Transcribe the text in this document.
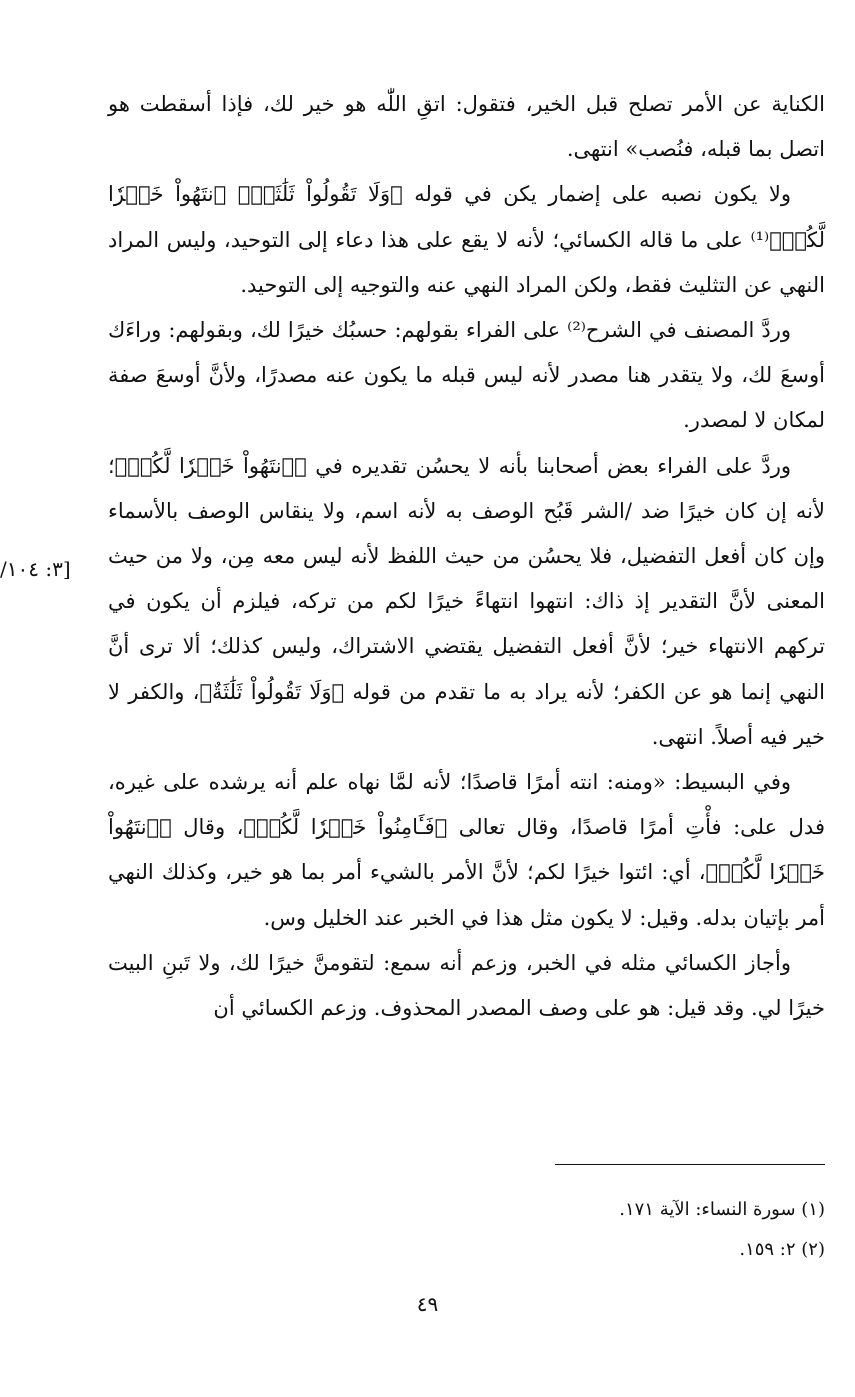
[٣: ١٠٤/

الكناية عن الأمر تصلح قبل الخير، فتقول: اتقِ اللّٰه هو خير لك، فإذا أسقطت هو اتصل بما قبله، فنُصب» انتهى.

ولا يكون نصبه على إضمار يكن في قوله ﴿وَلَا تَقُولُواْ ثَلَٰثَةٌۚ ٱنتَهُواْ خَيۡرٗا لَّكُمۡ﴾⁽¹⁾ على ما قاله الكسائي؛ لأنه لا يقع على هذا دعاء إلى التوحيد، وليس المراد النهي عن التثليث فقط، ولكن المراد النهي عنه والتوجيه إلى التوحيد.

وردَّ المصنف في الشرح⁽²⁾ على الفراء بقولهم: حسبُك خيرًا لك، وبقولهم: وراءَك أوسعَ لك، ولا يتقدر هنا مصدر لأنه ليس قبله ما يكون عنه مصدرًا، ولأنَّ أوسعَ صفة لمكان لا لمصدر.

وردَّ على الفراء بعض أصحابنا بأنه لا يحسُن تقديره في ﴿ٱنتَهُواْ خَيۡرٗا لَّكُمۡ﴾؛ لأنه إن كان خيرًا ضد /الشر قَبُح الوصف به لأنه اسم، ولا ينقاس الوصف بالأسماء وإن كان أفعل التفضيل، فلا يحسُن من حيث اللفظ لأنه ليس معه مِن، ولا من حيث المعنى لأنَّ التقدير إذ ذاك: انتهوا انتهاءً خيرًا لكم من تركه، فيلزم أن يكون في تركهم الانتهاء خير؛ لأنَّ أفعل التفضيل يقتضي الاشتراك، وليس كذلك؛ ألا ترى أنَّ النهي إنما هو عن الكفر؛ لأنه يراد به ما تقدم من قوله ﴿وَلَا تَقُولُواْ ثَلَٰثَةٌ﴾، والكفر لا خير فيه أصلاً. انتهى.

وفي البسيط: «ومنه: انته أمرًا قاصدًا؛ لأنه لمَّا نهاه علم أنه يرشده على غيره، فدل على: فأْتِ أمرًا قاصدًا، وقال تعالى ﴿فَـَٔامِنُواْ خَيۡرٗا لَّكُمۡ﴾، وقال ﴿ٱنتَهُواْ خَيۡرٗا لَّكُمۡ﴾، أي: ائتوا خيرًا لكم؛ لأنَّ الأمر بالشيء أمر بما هو خير، وكذلك النهي أمر بإتيان بدله. وقيل: لا يكون مثل هذا في الخبر عند الخليل وس.

وأجاز الكسائي مثله في الخبر، وزعم أنه سمع: لتقومنَّ خيرًا لك، ولا تَبنِ البيت خيرًا لي. وقد قيل: هو على وصف المصدر المحذوف. وزعم الكسائي أن

(١) سورة النساء: الآية ١٧١.

(٢) ٢: ١٥٩.

٤٩
